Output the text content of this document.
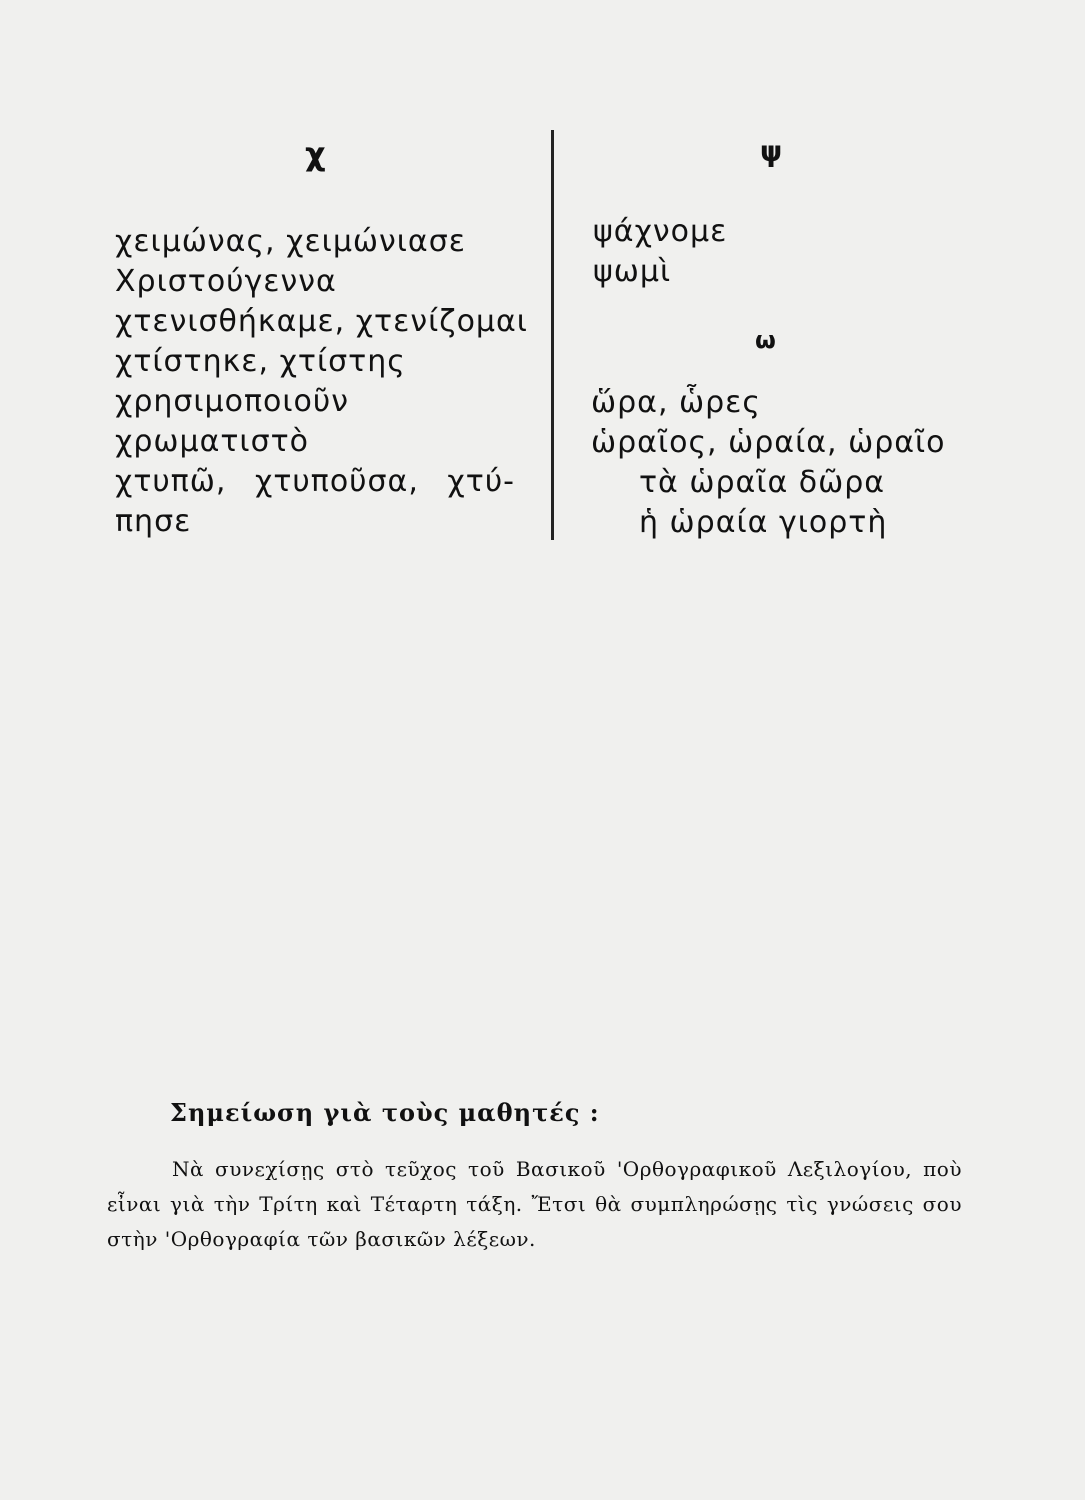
χ
χειμώνας, χειμώνιασε
Χριστούγεννα
χτενισθήκαμε, χτενίζομαι
χτίστηκε, χτίστης
χρησιμοποιοῦν
χρωματιστὸ
χτυπῶ, χτυποῦσα, χτύ-
πησε
ψ
ψάχνομε
ψωμὶ
ω
ὥρα, ὧρες
ὡραῖος, ὡραία, ὡραῖο
τὰ ὡραῖα δῶρα
ἡ ὡραία γιορτὴ
Σημείωση γιὰ τοὺς μαθητές :

Νὰ συνεχίσῃς στὸ τεῦχος τοῦ Βασικοῦ 'Ορθογραφικοῦ Λεξιλογίου, ποὺ εἶναι γιὰ τὴν Τρίτη καὶ Τέταρτη τάξη. Ἔτσι θὰ συμπληρώσῃς τὶς γνώσεις σου στὴν 'Ορθογραφία τῶν βασικῶν λέξεων.
